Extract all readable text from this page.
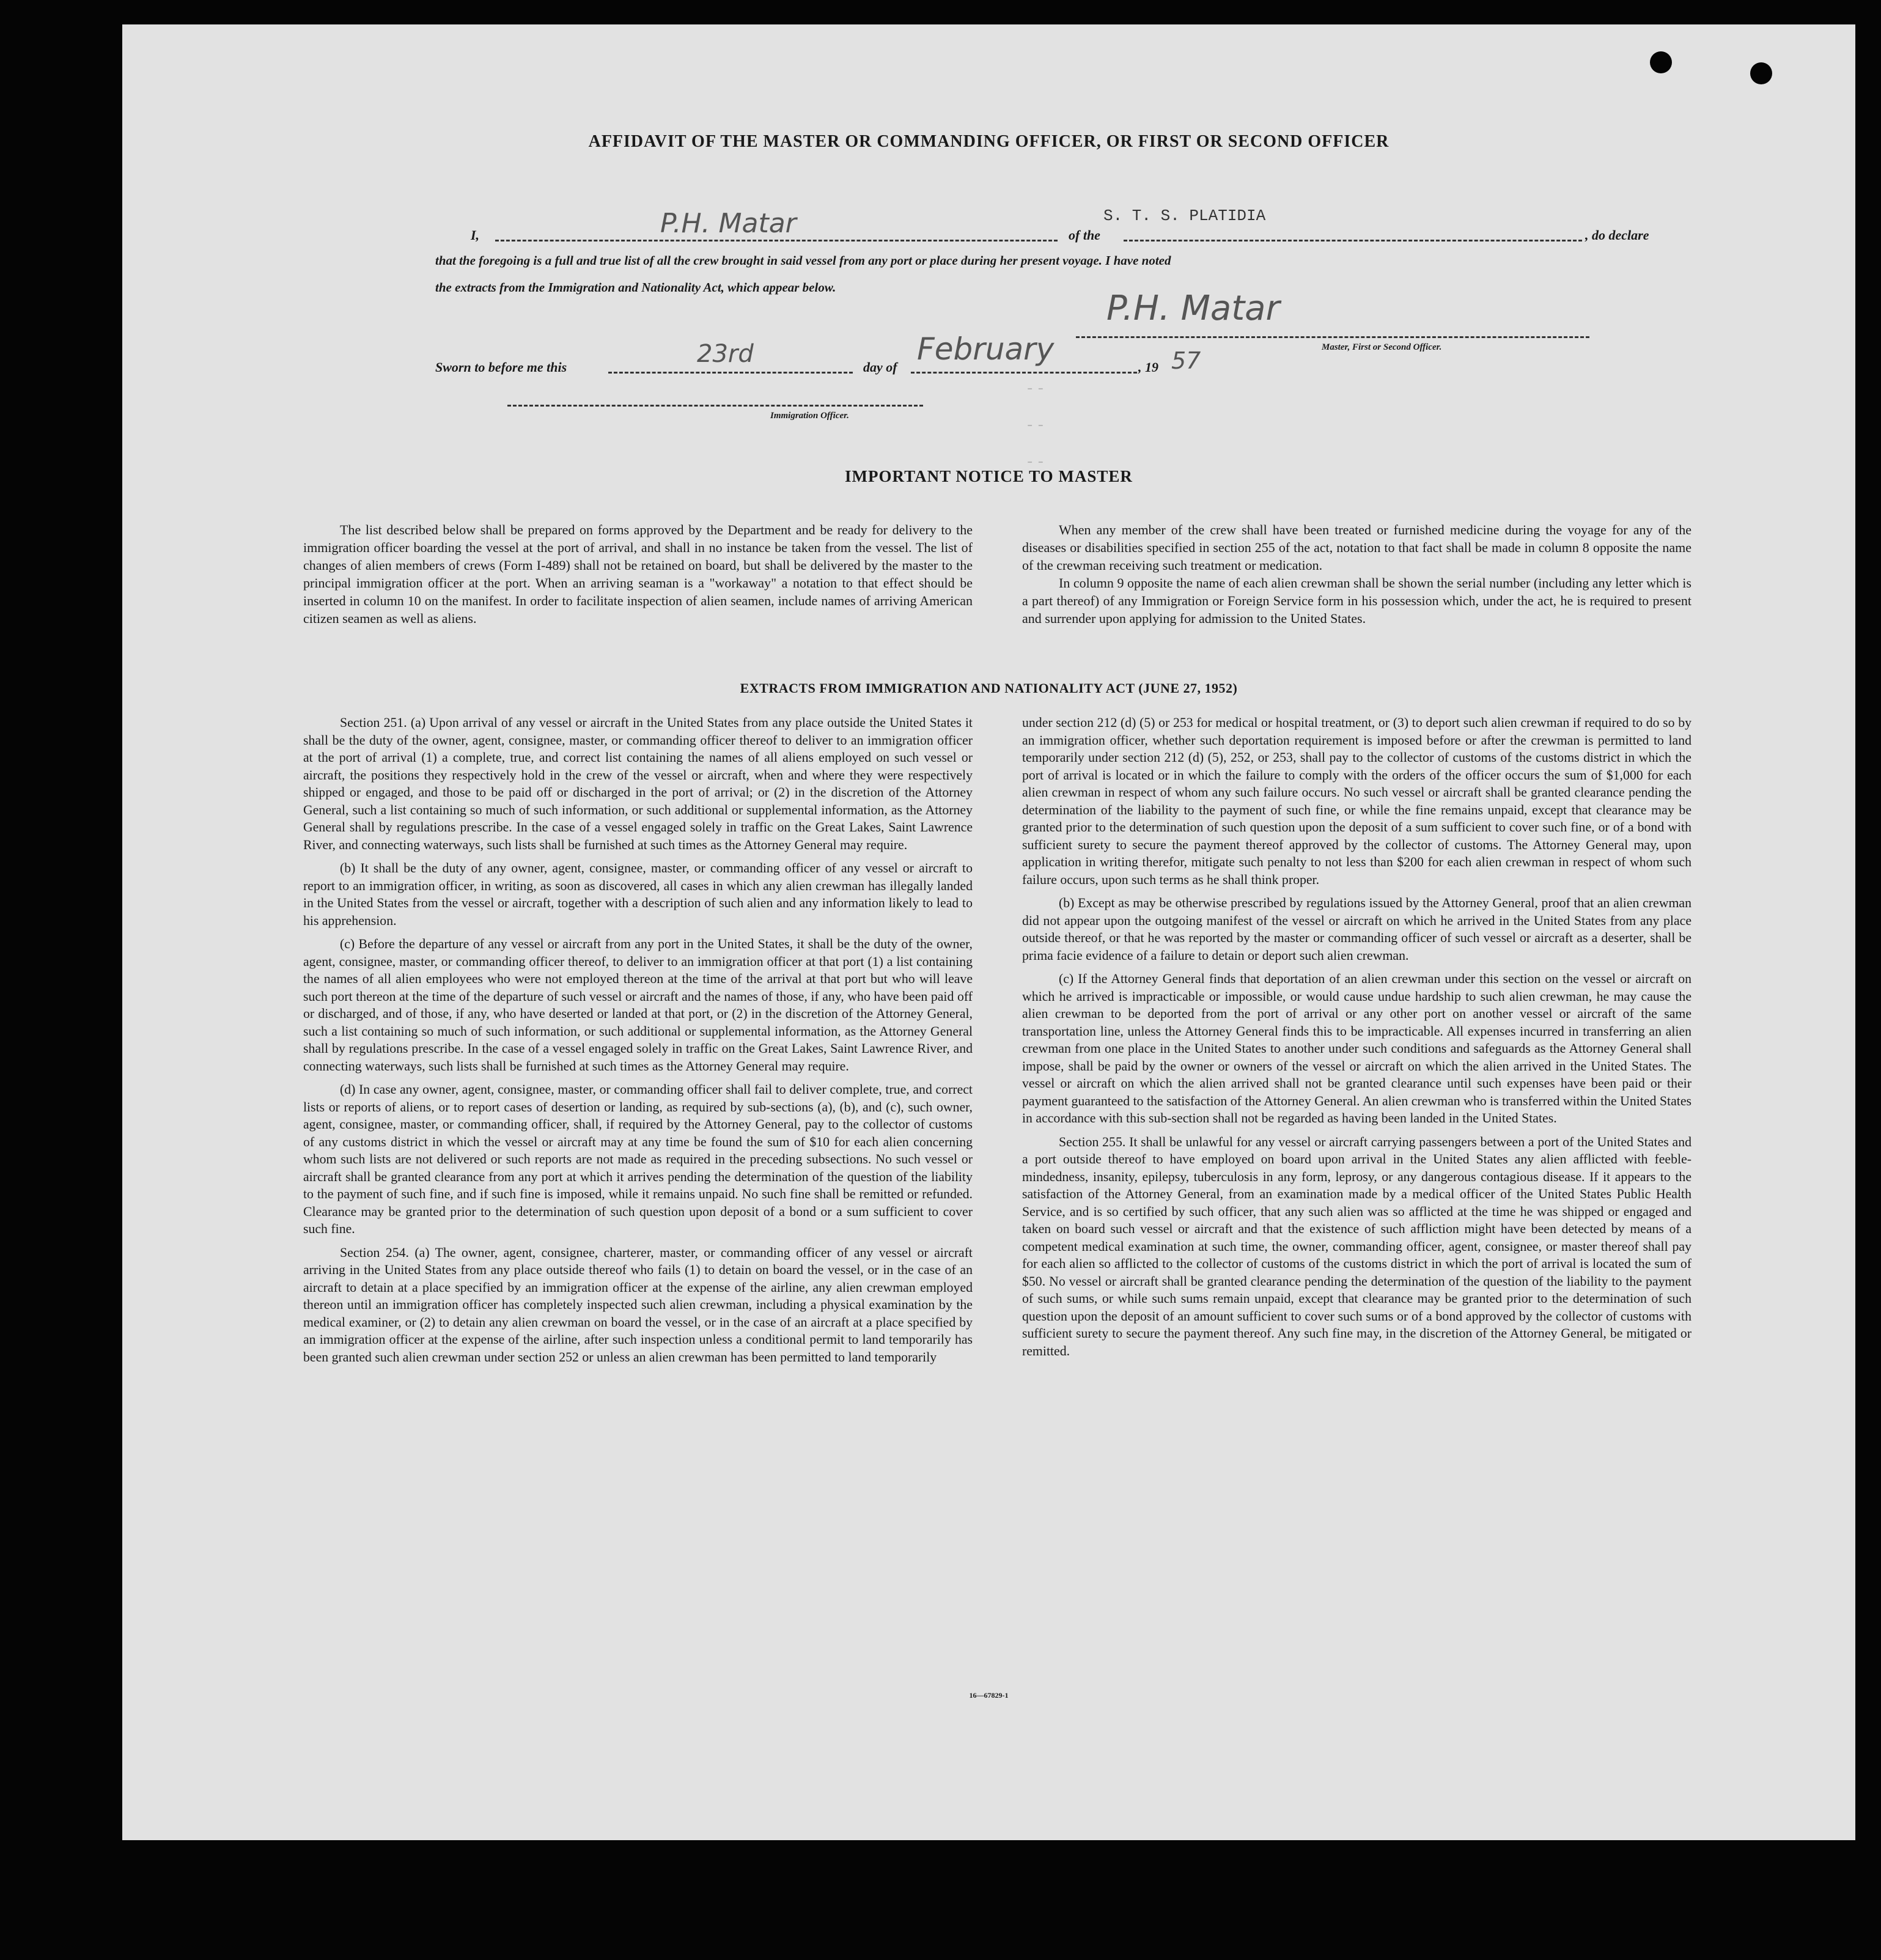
AFFIDAVIT OF THE MASTER OR COMMANDING OFFICER, OR FIRST OR SECOND OFFICER
I,	P.H. Matar	of the
S. T. S. PLATIDIA
, do declare
that the foregoing is a full and true list of all the crew brought in said vessel from any port or place during her present voyage. I have noted
the extracts from the Immigration and Nationality Act, which appear below.
P.H. Matar
Master, First or Second Officer.
Sworn to before me this	23rd	day of
February
, 19 57
Immigration Officer.
- -
- -
- -
IMPORTANT NOTICE TO MASTER

The list described below shall be prepared on forms approved by the Department and be ready for delivery to the immigration officer boarding the vessel at the port of arrival, and shall in no instance be taken from the vessel. The list of changes of alien members of crews (Form I-489) shall not be retained on board, but shall be delivered by the master to the principal immigration officer at the port. When an arriving seaman is a "workaway" a notation to that effect should be inserted in column 10 on the manifest. In order to facilitate inspection of alien seamen, include names of arriving American citizen seamen as well as aliens.

When any member of the crew shall have been treated or furnished medicine during the voyage for any of the diseases or disabilities specified in section 255 of the act, notation to that fact shall be made in column 8 opposite the name of the crewman receiving such treatment or medication.

In column 9 opposite the name of each alien crewman shall be shown the serial number (including any letter which is a part thereof) of any Immigration or Foreign Service form in his possession which, under the act, he is required to present and surrender upon applying for admission to the United States.

EXTRACTS FROM IMMIGRATION AND NATIONALITY ACT (JUNE 27, 1952)

Section 251. (a) Upon arrival of any vessel or aircraft in the United States from any place outside the United States it shall be the duty of the owner, agent, consignee, master, or commanding officer thereof to deliver to an immigration officer at the port of arrival (1) a complete, true, and correct list containing the names of all aliens employed on such vessel or aircraft, the positions they respectively hold in the crew of the vessel or aircraft, when and where they were respectively shipped or engaged, and those to be paid off or discharged in the port of arrival; or (2) in the discretion of the Attorney General, such a list containing so much of such information, or such additional or supplemental information, as the Attorney General shall by regulations prescribe. In the case of a vessel engaged solely in traffic on the Great Lakes, Saint Lawrence River, and connecting waterways, such lists shall be furnished at such times as the Attorney General may require.

(b) It shall be the duty of any owner, agent, consignee, master, or commanding officer of any vessel or aircraft to report to an immigration officer, in writing, as soon as discovered, all cases in which any alien crewman has illegally landed in the United States from the vessel or aircraft, together with a description of such alien and any information likely to lead to his apprehension.

(c) Before the departure of any vessel or aircraft from any port in the United States, it shall be the duty of the owner, agent, consignee, master, or commanding officer thereof, to deliver to an immigration officer at that port (1) a list containing the names of all alien employees who were not employed thereon at the time of the arrival at that port but who will leave such port thereon at the time of the departure of such vessel or aircraft and the names of those, if any, who have been paid off or discharged, and of those, if any, who have deserted or landed at that port, or (2) in the discretion of the Attorney General, such a list containing so much of such information, or such additional or supplemental information, as the Attorney General shall by regulations prescribe. In the case of a vessel engaged solely in traffic on the Great Lakes, Saint Lawrence River, and connecting waterways, such lists shall be furnished at such times as the Attorney General may require.

(d) In case any owner, agent, consignee, master, or commanding officer shall fail to deliver complete, true, and correct lists or reports of aliens, or to report cases of desertion or landing, as required by sub-sections (a), (b), and (c), such owner, agent, consignee, master, or commanding officer, shall, if required by the Attorney General, pay to the collector of customs of any customs district in which the vessel or aircraft may at any time be found the sum of $10 for each alien concerning whom such lists are not delivered or such reports are not made as required in the preceding subsections. No such vessel or aircraft shall be granted clearance from any port at which it arrives pending the determination of the question of the liability to the payment of such fine, and if such fine is imposed, while it remains unpaid. No such fine shall be remitted or refunded. Clearance may be granted prior to the determination of such question upon deposit of a bond or a sum sufficient to cover such fine.

Section 254. (a) The owner, agent, consignee, charterer, master, or commanding officer of any vessel or aircraft arriving in the United States from any place outside thereof who fails (1) to detain on board the vessel, or in the case of an aircraft to detain at a place specified by an immigration officer at the expense of the airline, any alien crewman employed thereon until an immigration officer has completely inspected such alien crewman, including a physical examination by the medical examiner, or (2) to detain any alien crewman on board the vessel, or in the case of an aircraft at a place specified by an immigration officer at the expense of the airline, after such inspection unless a conditional permit to land temporarily has been granted such alien crewman under section 252 or unless an alien crewman has been permitted to land temporarily

under section 212 (d) (5) or 253 for medical or hospital treatment, or (3) to deport such alien crewman if required to do so by an immigration officer, whether such deportation requirement is imposed before or after the crewman is permitted to land temporarily under section 212 (d) (5), 252, or 253, shall pay to the collector of customs of the customs district in which the port of arrival is located or in which the failure to comply with the orders of the officer occurs the sum of $1,000 for each alien crewman in respect of whom any such failure occurs. No such vessel or aircraft shall be granted clearance pending the determination of the liability to the payment of such fine, or while the fine remains unpaid, except that clearance may be granted prior to the determination of such question upon the deposit of a sum sufficient to cover such fine, or of a bond with sufficient surety to secure the payment thereof approved by the collector of customs. The Attorney General may, upon application in writing therefor, mitigate such penalty to not less than $200 for each alien crewman in respect of whom such failure occurs, upon such terms as he shall think proper.

(b) Except as may be otherwise prescribed by regulations issued by the Attorney General, proof that an alien crewman did not appear upon the outgoing manifest of the vessel or aircraft on which he arrived in the United States from any place outside thereof, or that he was reported by the master or commanding officer of such vessel or aircraft as a deserter, shall be prima facie evidence of a failure to detain or deport such alien crewman.

(c) If the Attorney General finds that deportation of an alien crewman under this section on the vessel or aircraft on which he arrived is impracticable or impossible, or would cause undue hardship to such alien crewman, he may cause the alien crewman to be deported from the port of arrival or any other port on another vessel or aircraft of the same transportation line, unless the Attorney General finds this to be impracticable. All expenses incurred in transferring an alien crewman from one place in the United States to another under such conditions and safeguards as the Attorney General shall impose, shall be paid by the owner or owners of the vessel or aircraft on which the alien arrived in the United States. The vessel or aircraft on which the alien arrived shall not be granted clearance until such expenses have been paid or their payment guaranteed to the satisfaction of the Attorney General. An alien crewman who is transferred within the United States in accordance with this sub-section shall not be regarded as having been landed in the United States.

Section 255. It shall be unlawful for any vessel or aircraft carrying passengers between a port of the United States and a port outside thereof to have employed on board upon arrival in the United States any alien afflicted with feeble-mindedness, insanity, epilepsy, tuberculosis in any form, leprosy, or any dangerous contagious disease. If it appears to the satisfaction of the Attorney General, from an examination made by a medical officer of the United States Public Health Service, and is so certified by such officer, that any such alien was so afflicted at the time he was shipped or engaged and taken on board such vessel or aircraft and that the existence of such affliction might have been detected by means of a competent medical examination at such time, the owner, commanding officer, agent, consignee, or master thereof shall pay for each alien so afflicted to the collector of customs of the customs district in which the port of arrival is located the sum of $50. No vessel or aircraft shall be granted clearance pending the determination of the question of the liability to the payment of such sums, or while such sums remain unpaid, except that clearance may be granted prior to the determination of such question upon the deposit of an amount sufficient to cover such sums or of a bond approved by the collector of customs with sufficient surety to secure the payment thereof. Any such fine may, in the discretion of the Attorney General, be mitigated or remitted.

16—67829-1
